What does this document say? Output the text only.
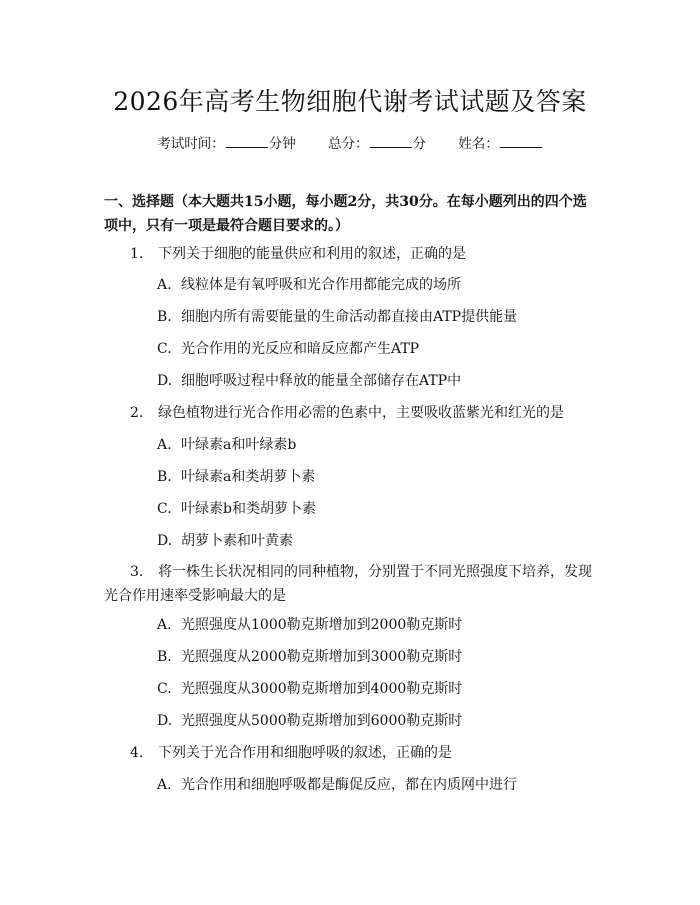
2026年高考生物细胞代谢考试试题及答案
考试时间：	分钟 总分：	分 姓名：

一、选择题（本大题共15小题，每小题2分，共30分。在每小题列出的四个选项中，只有一项是最符合题目要求的。）

1. 下列关于细胞的能量供应和利用的叙述，正确的是
A. 线粒体是有氧呼吸和光合作用都能完成的场所
B. 细胞内所有需要能量的生命活动都直接由ATP提供能量
C. 光合作用的光反应和暗反应都产生ATP
D. 细胞呼吸过程中释放的能量全部储存在ATP中
2. 绿色植物进行光合作用必需的色素中，主要吸收蓝紫光和红光的是
A. 叶绿素a和叶绿素b
B. 叶绿素a和类胡萝卜素
C. 叶绿素b和类胡萝卜素
D. 胡萝卜素和叶黄素
3. 将一株生长状况相同的同种植物，分别置于不同光照强度下培养，发现光合作用速率受影响最大的是
A. 光照强度从1000勒克斯增加到2000勒克斯时
B. 光照强度从2000勒克斯增加到3000勒克斯时
C. 光照强度从3000勒克斯增加到4000勒克斯时
D. 光照强度从5000勒克斯增加到6000勒克斯时
4. 下列关于光合作用和细胞呼吸的叙述，正确的是
A. 光合作用和细胞呼吸都是酶促反应，都在内质网中进行
